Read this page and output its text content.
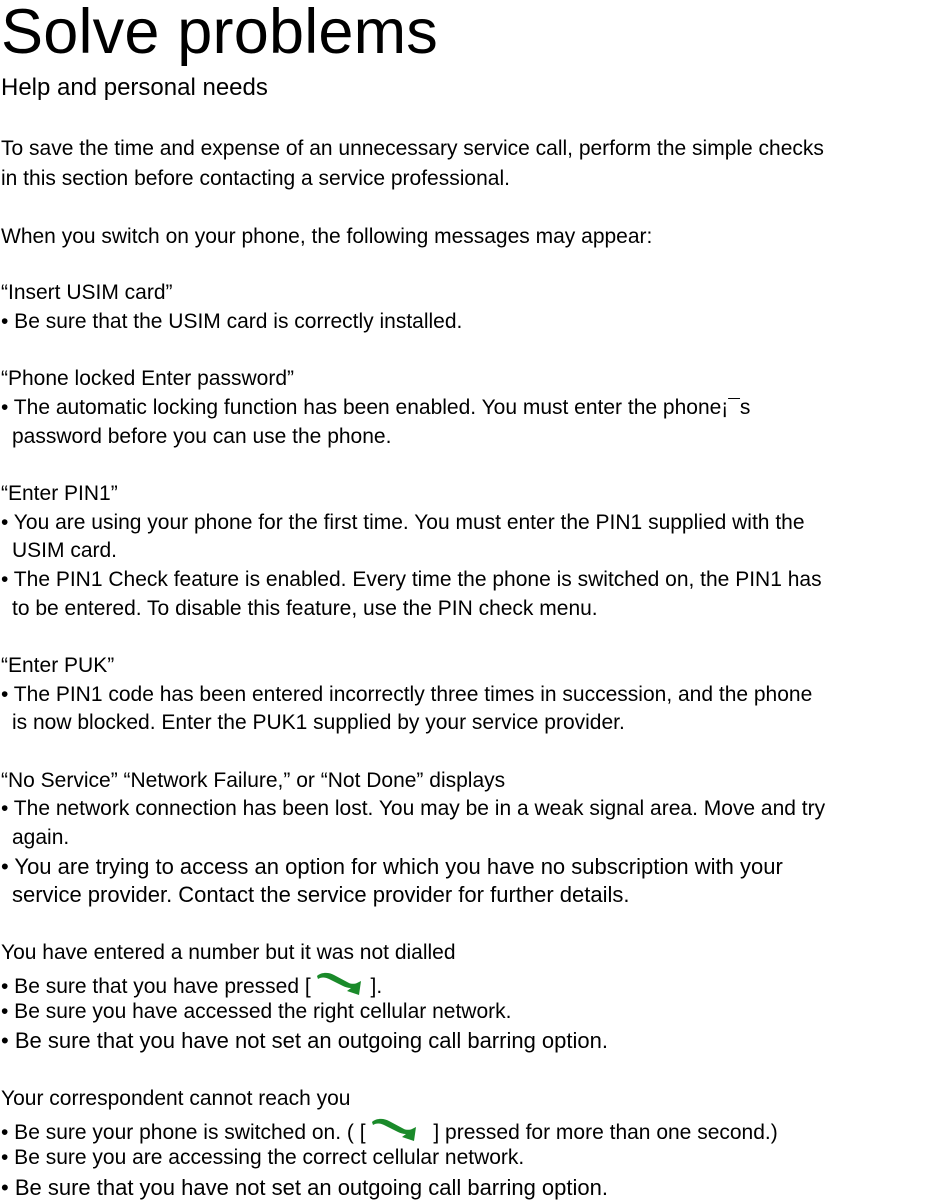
Solve problems
Help and personal needs
To save the time and expense of an unnecessary service call, perform the simple checks
in this section before contacting a service professional.
When you switch on your phone, the following messages may appear:
“Insert USIM card”
• Be sure that the USIM card is correctly installed.
“Phone locked Enter password”
• The automatic locking function has been enabled. You must enter the phone¡¯s
password before you can use the phone.
“Enter PIN1”
• You are using your phone for the first time. You must enter the PIN1 supplied with the
USIM card.
• The PIN1 Check feature is enabled. Every time the phone is switched on, the PIN1 has
to be entered. To disable this feature, use the PIN check menu.
“Enter PUK”
• The PIN1 code has been entered incorrectly three times in succession, and the phone
is now blocked. Enter the PUK1 supplied by your service provider.
“No Service” “Network Failure,” or “Not Done” displays
• The network connection has been lost. You may be in a weak signal area. Move and try
again.
• You are trying to access an option for which you have no subscription with your
service provider. Contact the service provider for further details.
You have entered a number but it was not dialled
• Be sure that you have pressed [	].
• Be sure you have accessed the right cellular network.
• Be sure that you have not set an outgoing call barring option.
Your correspondent cannot reach you
• Be sure your phone is switched on. ( [	] pressed for more than one second.)
• Be sure you are accessing the correct cellular network.
• Be sure that you have not set an outgoing call barring option.
